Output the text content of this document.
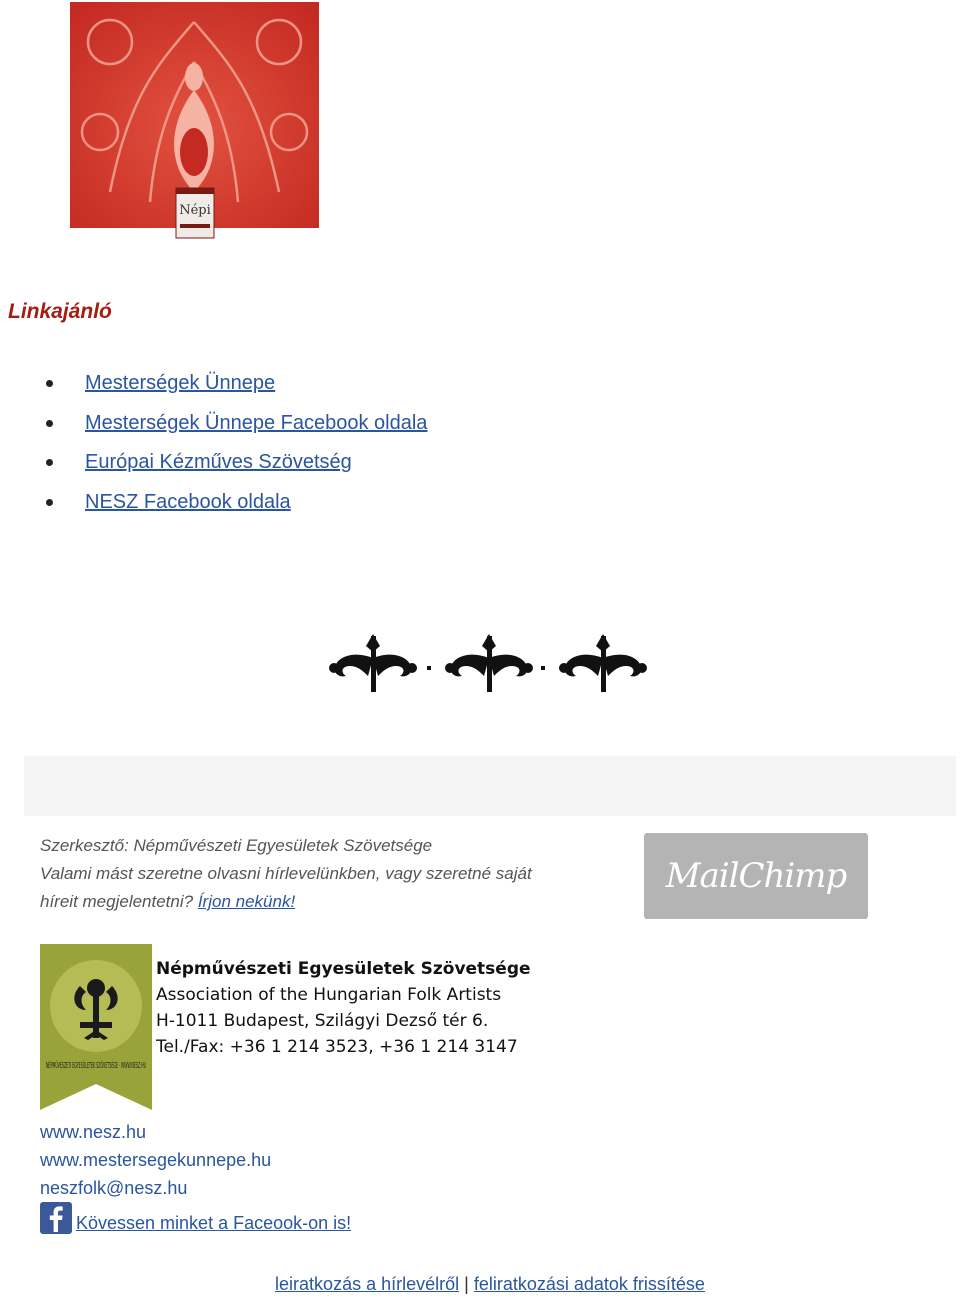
Népi
Linkajánló
Mesterségek Ünnepe
Mesterségek Ünnepe Facebook oldala
Európai Kézműves Szövetség
NESZ Facebook oldala
Szerkesztő: Népművészeti Egyesületek Szövetsége
Valami mást szeretne olvasni hírlevelünkben, vagy szeretné saját
híreit megjelentetni? Írjon nekünk!
MailChimp
NÉPMŰVÉSZETI EGYESÜLETEK SZÖVETSÉGE · WWW.NESZ.HU
Népművészeti Egyesületek Szövetsége
Association of the Hungarian Folk Artists
H-1011 Budapest, Szilágyi Dezső tér 6.
Tel./Fax: +36 1 214 3523, +36 1 214 3147
www.nesz.hu
www.mestersegekunnepe.hu
neszfolk@nesz.hu
Kövessen minket a Faceook-on is!
leiratkozás a hírlevélről | feliratkozási adatok frissítése
